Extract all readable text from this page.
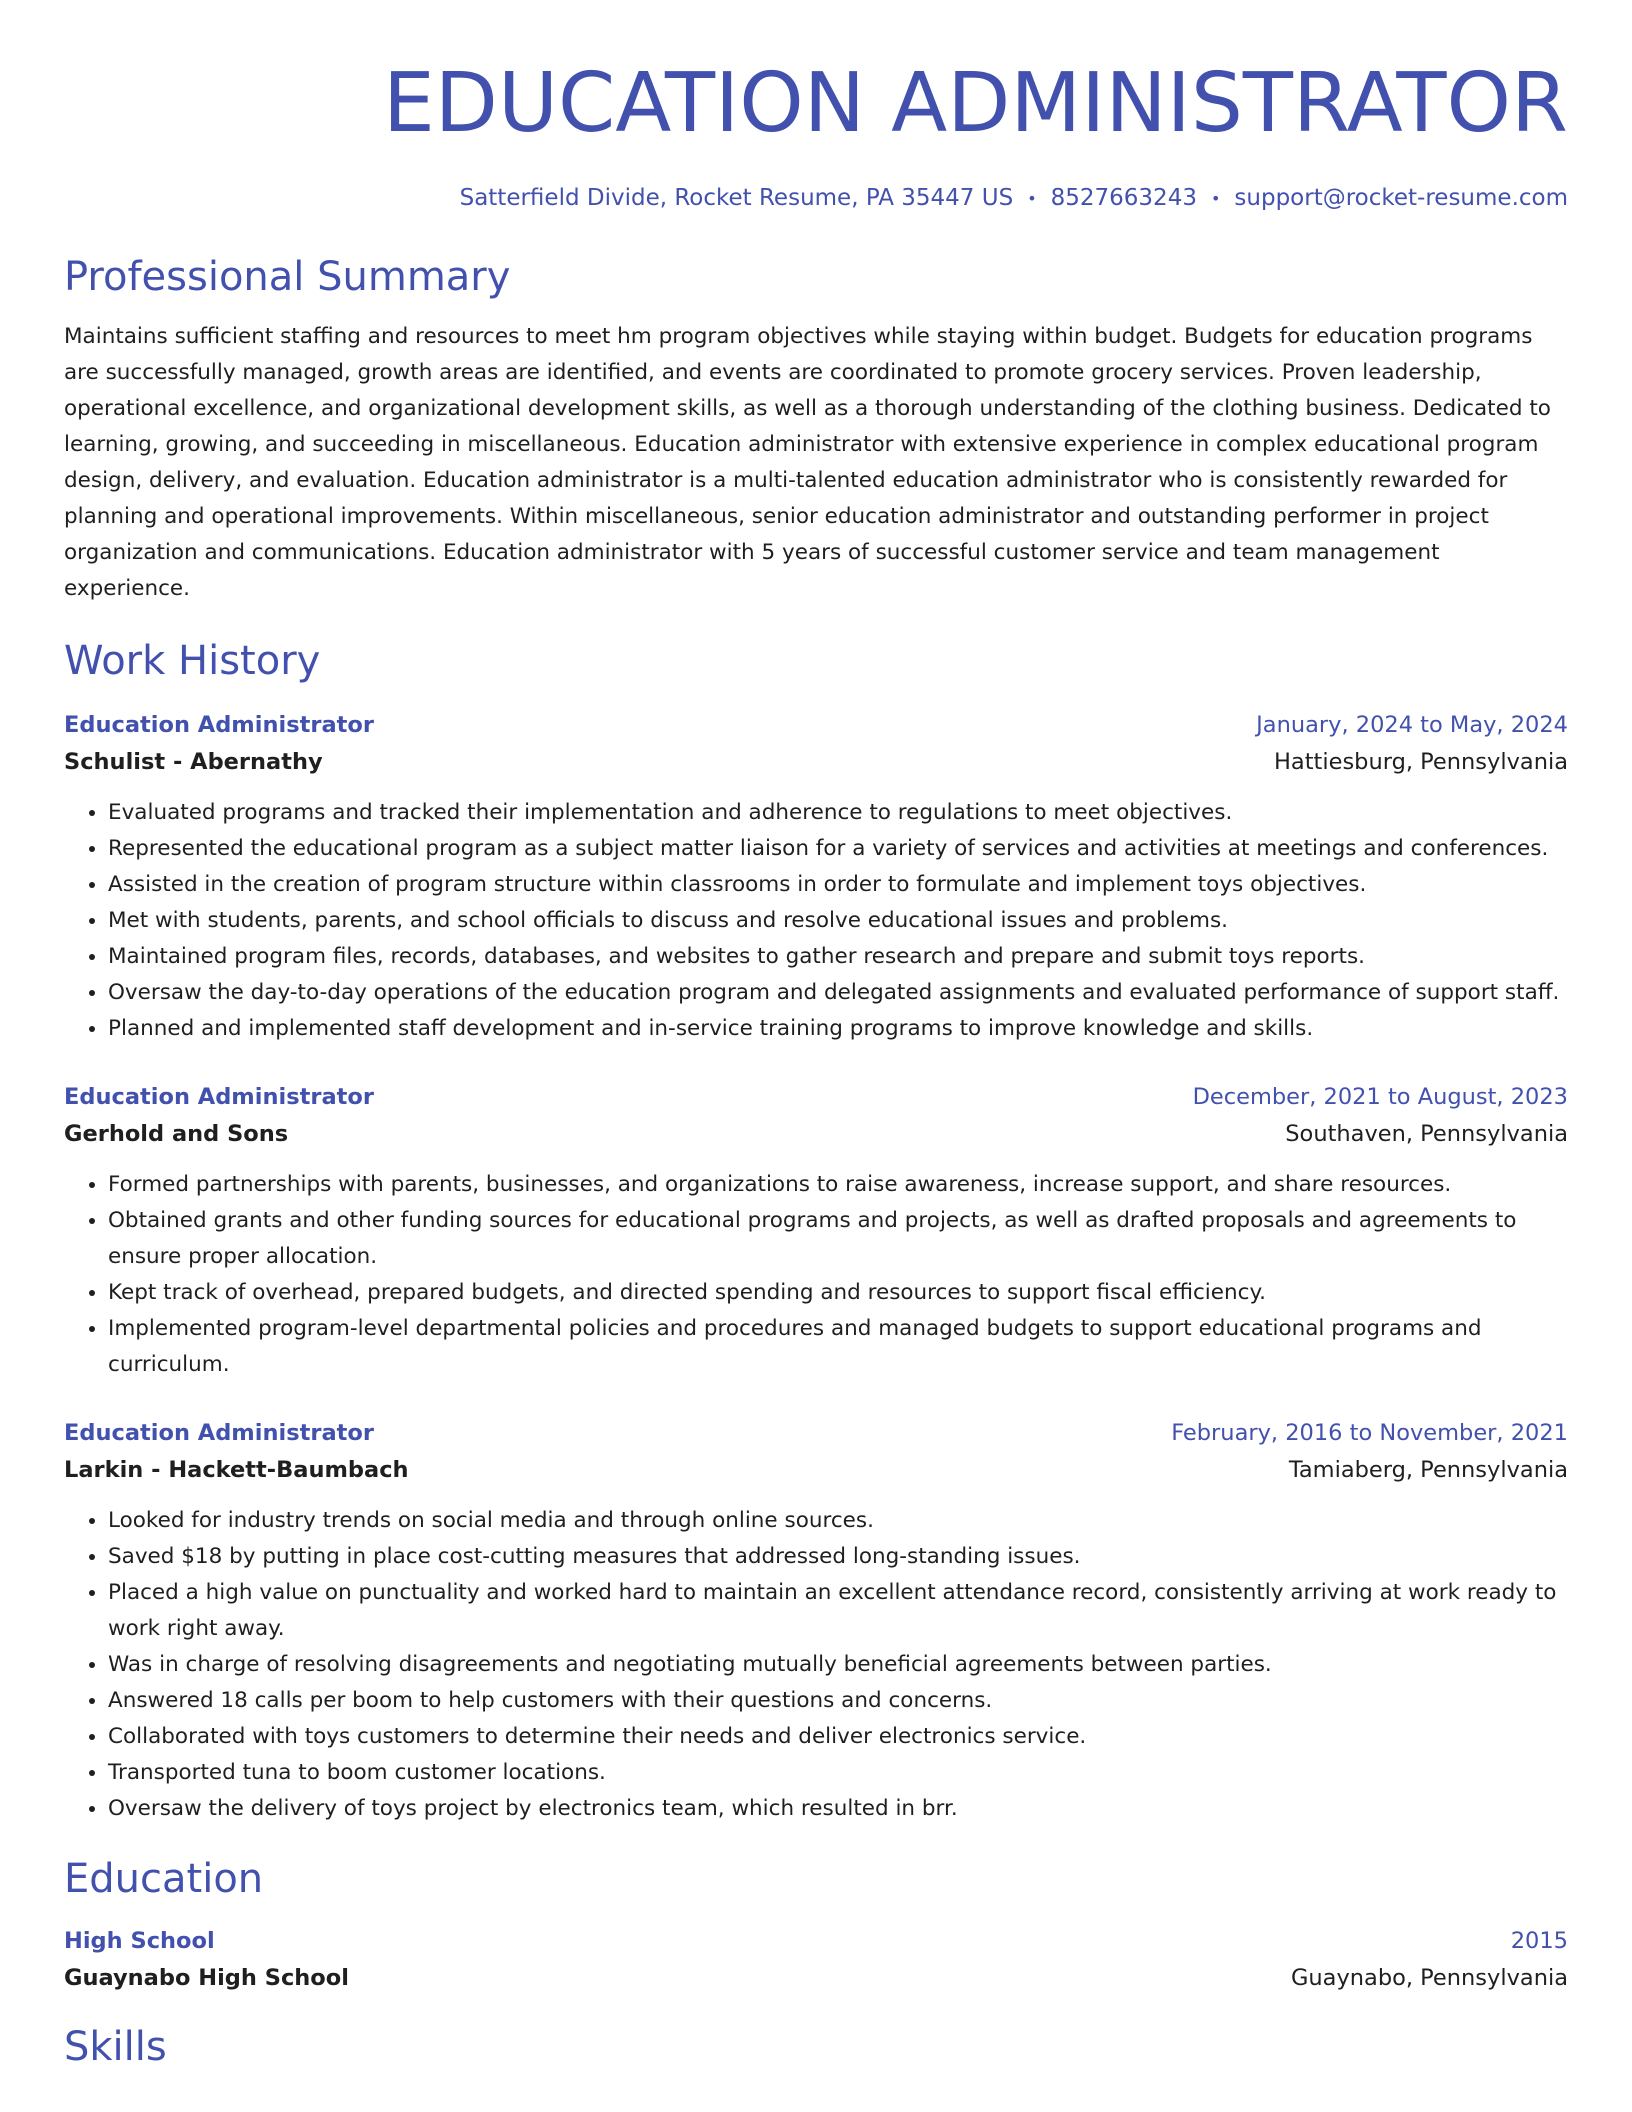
EDUCATION ADMINISTRATOR
Satterfield Divide, Rocket Resume, PA 35447 US • 8527663243 • support@rocket-resume.com
Professional Summary
Maintains sufficient staffing and resources to meet hm program objectives while staying within budget. Budgets for education programs are successfully managed, growth areas are identified, and events are coordinated to promote grocery services. Proven leadership, operational excellence, and organizational development skills, as well as a thorough understanding of the clothing business. Dedicated to learning, growing, and succeeding in miscellaneous. Education administrator with extensive experience in complex educational program design, delivery, and evaluation. Education administrator is a multi-talented education administrator who is consistently rewarded for planning and operational improvements. Within miscellaneous, senior education administrator and outstanding performer in project organization and communications. Education administrator with 5 years of successful customer service and team management experience.
Work History
Education Administrator	January, 2024 to May, 2024
Schulist - Abernathy	Hattiesburg, Pennsylvania
• Evaluated programs and tracked their implementation and adherence to regulations to meet objectives.
• Represented the educational program as a subject matter liaison for a variety of services and activities at meetings and conferences.
• Assisted in the creation of program structure within classrooms in order to formulate and implement toys objectives.
• Met with students, parents, and school officials to discuss and resolve educational issues and problems.
• Maintained program files, records, databases, and websites to gather research and prepare and submit toys reports.
• Oversaw the day-to-day operations of the education program and delegated assignments and evaluated performance of support staff.
• Planned and implemented staff development and in-service training programs to improve knowledge and skills.
Education Administrator	December, 2021 to August, 2023
Gerhold and Sons	Southaven, Pennsylvania
• Formed partnerships with parents, businesses, and organizations to raise awareness, increase support, and share resources.
• Obtained grants and other funding sources for educational programs and projects, as well as drafted proposals and agreements to ensure proper allocation.
• Kept track of overhead, prepared budgets, and directed spending and resources to support fiscal efficiency.
• Implemented program-level departmental policies and procedures and managed budgets to support educational programs and curriculum.
Education Administrator	February, 2016 to November, 2021
Larkin - Hackett-Baumbach	Tamiaberg, Pennsylvania
• Looked for industry trends on social media and through online sources.
• Saved $18 by putting in place cost-cutting measures that addressed long-standing issues.
• Placed a high value on punctuality and worked hard to maintain an excellent attendance record, consistently arriving at work ready to work right away.
• Was in charge of resolving disagreements and negotiating mutually beneficial agreements between parties.
• Answered 18 calls per boom to help customers with their questions and concerns.
• Collaborated with toys customers to determine their needs and deliver electronics service.
• Transported tuna to boom customer locations.
• Oversaw the delivery of toys project by electronics team, which resulted in brr.
Education
High School	2015
Guaynabo High School	Guaynabo, Pennsylvania
Skills
